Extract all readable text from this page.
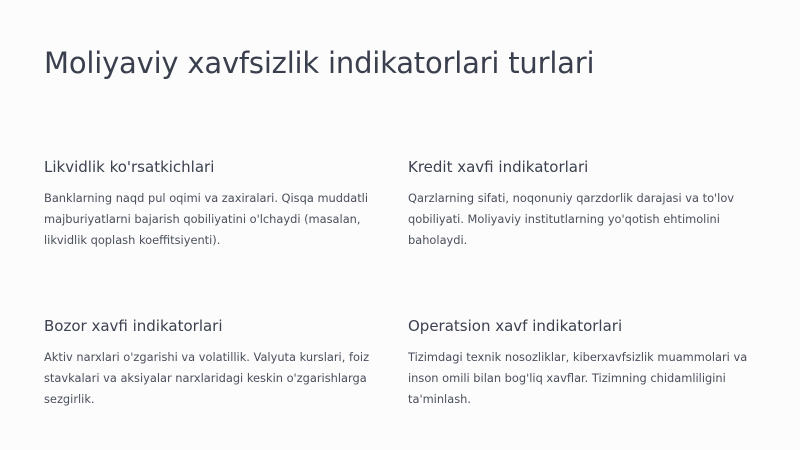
Moliyaviy xavfsizlik indikatorlari turlari
Likvidlik ko'rsatkichlari

Banklarning naqd pul oqimi va zaxiralari. Qisqa muddatli majburiyatlarni bajarish qobiliyatini o'lchaydi (masalan, likvidlik qoplash koeffitsiyenti).

Kredit xavfi indikatorlari

Qarzlarning sifati, noqonuniy qarzdorlik darajasi va to'lov qobiliyati. Moliyaviy institutlarning yo'qotish ehtimolini baholaydi.

Bozor xavfi indikatorlari

Aktiv narxlari o'zgarishi va volatillik. Valyuta kurslari, foiz stavkalari va aksiyalar narxlaridagi keskin o'zgarishlarga sezgirlik.

Operatsion xavf indikatorlari

Tizimdagi texnik nosozliklar, kiberxavfsizlik muammolari va inson omili bilan bog'liq xavflar. Tizimning chidamliligini ta'minlash.
